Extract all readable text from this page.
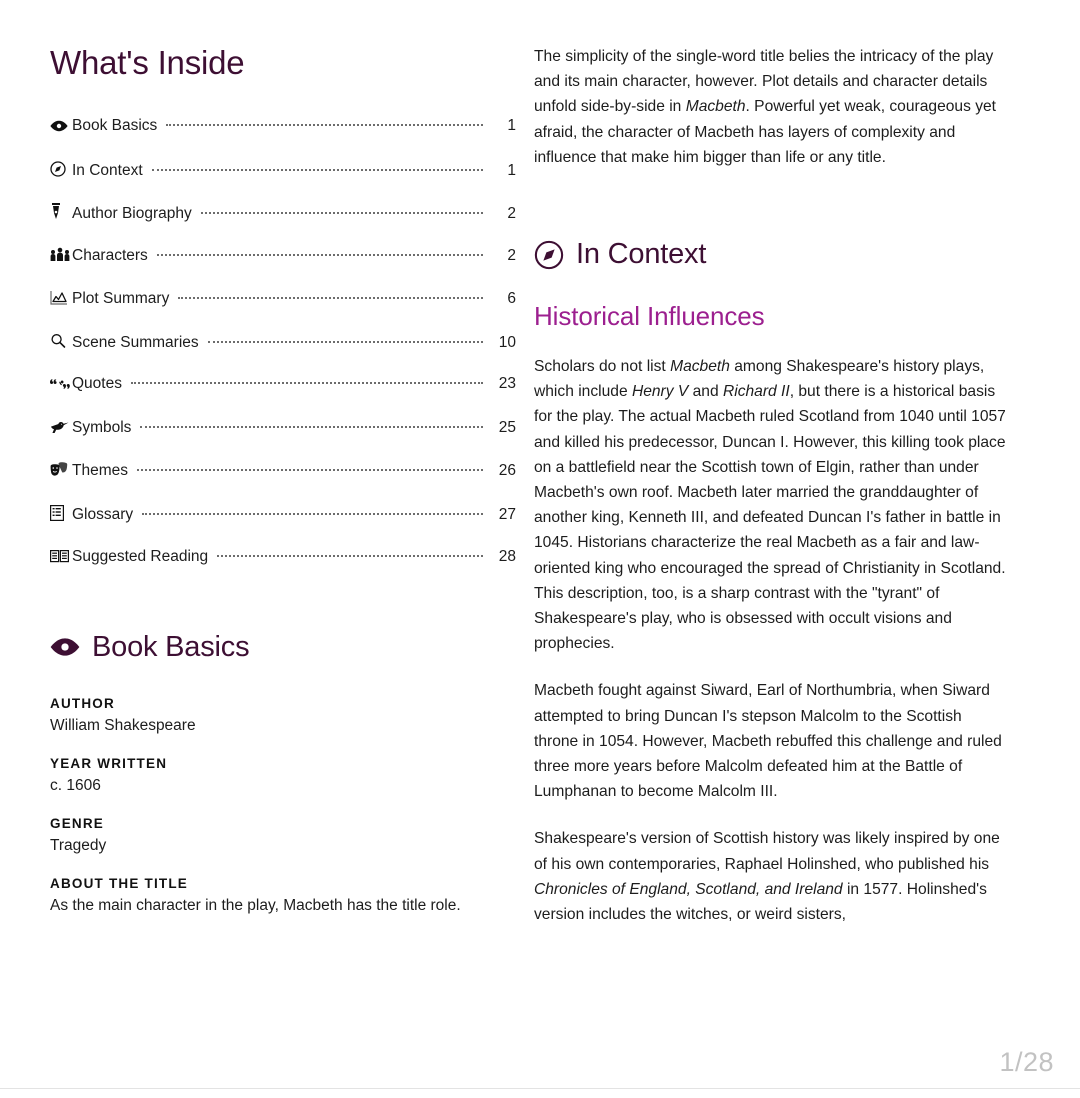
What's Inside
Book Basics	1
In Context	1
Author Biography	2
Characters	2
Plot Summary	6
Scene Summaries	10
Quotes	23
Symbols	25
Themes	26
Glossary	27
Suggested Reading	28
Book Basics
AUTHOR
William Shakespeare
YEAR WRITTEN
c. 1606
GENRE
Tragedy
ABOUT THE TITLE
As the main character in the play, Macbeth has the title role.

The simplicity of the single-word title belies the intricacy of the play and its main character, however. Plot details and character details unfold side-by-side in Macbeth. Powerful yet weak, courageous yet afraid, the character of Macbeth has layers of complexity and influence that make him bigger than life or any title.

In Context
Historical Influences

Scholars do not list Macbeth among Shakespeare's history plays, which include Henry V and Richard II, but there is a historical basis for the play. The actual Macbeth ruled Scotland from 1040 until 1057 and killed his predecessor, Duncan I. However, this killing took place on a battlefield near the Scottish town of Elgin, rather than under Macbeth's own roof. Macbeth later married the granddaughter of another king, Kenneth III, and defeated Duncan I's father in battle in 1045. Historians characterize the real Macbeth as a fair and law-oriented king who encouraged the spread of Christianity in Scotland. This description, too, is a sharp contrast with the "tyrant" of Shakespeare's play, who is obsessed with occult visions and prophecies.

Macbeth fought against Siward, Earl of Northumbria, when Siward attempted to bring Duncan I's stepson Malcolm to the Scottish throne in 1054. However, Macbeth rebuffed this challenge and ruled three more years before Malcolm defeated him at the Battle of Lumphanan to become Malcolm III.

Shakespeare's version of Scottish history was likely inspired by one of his own contemporaries, Raphael Holinshed, who published his Chronicles of England, Scotland, and Ireland in 1577. Holinshed's version includes the witches, or weird sisters,

1/28
